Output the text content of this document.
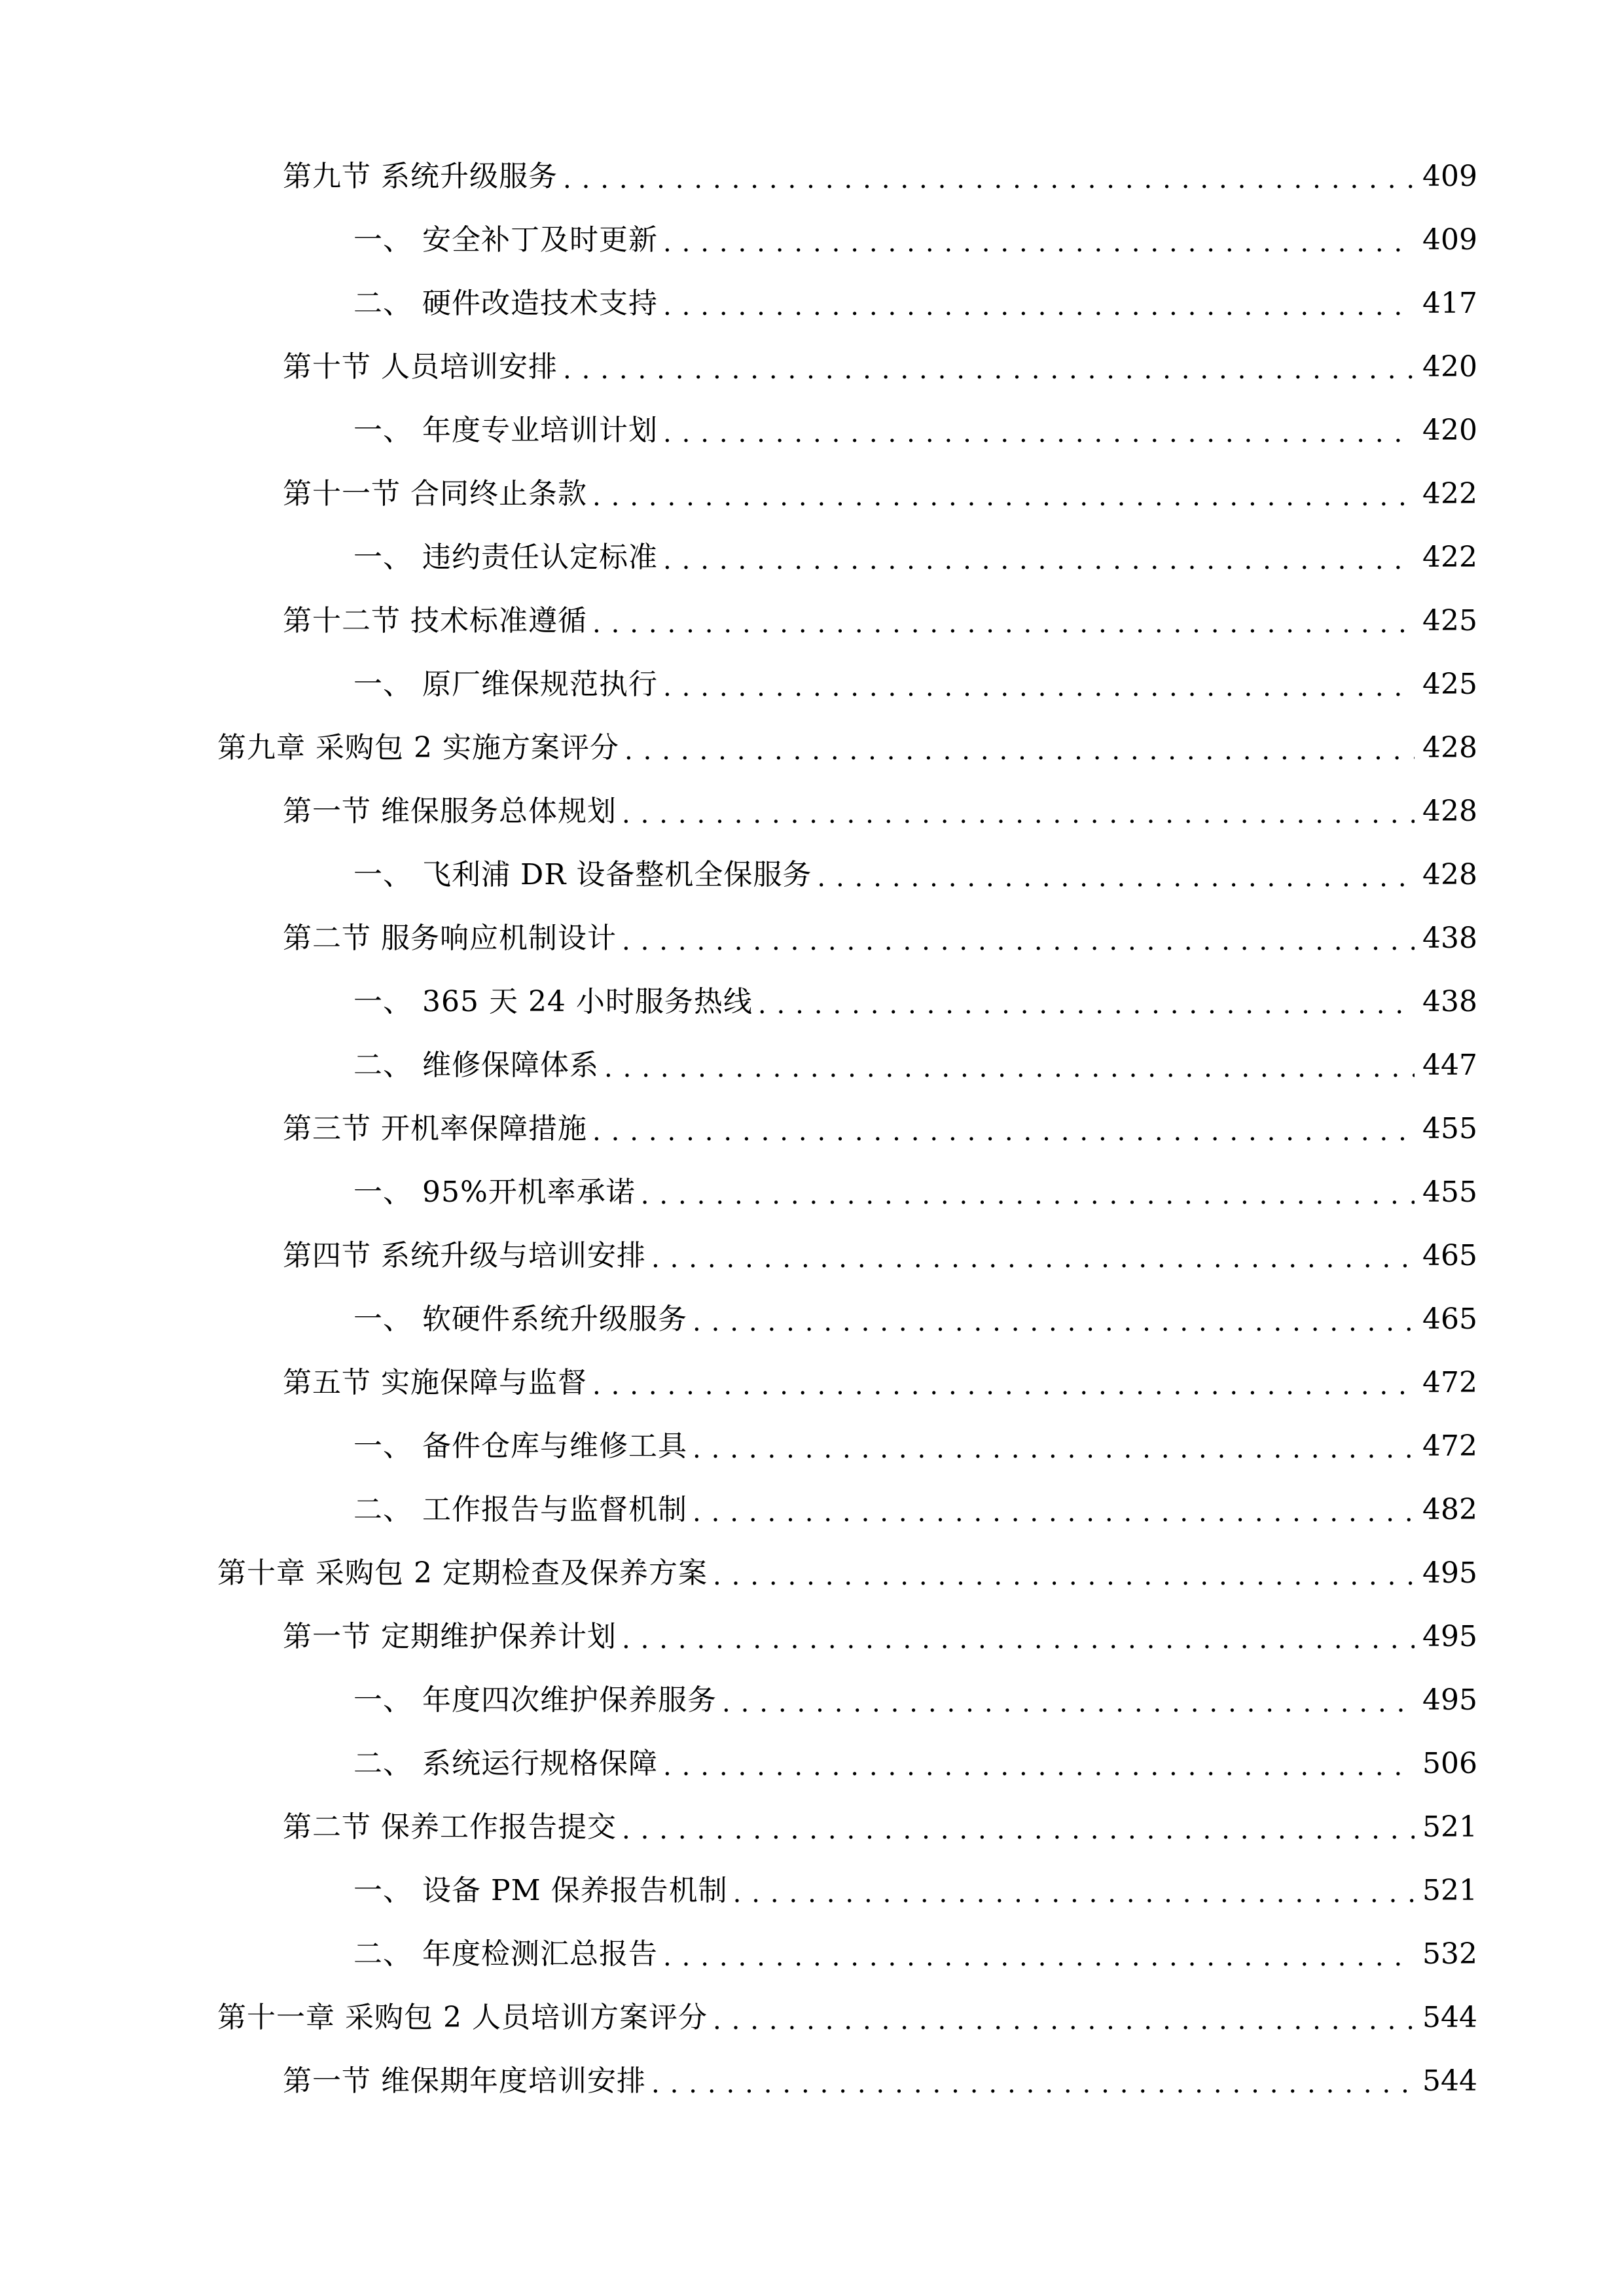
第九节 系统升级服务 . . .	409
一、 安全补丁及时更新 . . .	409
二、 硬件改造技术支持 . . .	417
第十节 人员培训安排 . . .	420
一、 年度专业培训计划 . . .	420
第十一节 合同终止条款 . . .	422
一、 违约责任认定标准 . . .	422
第十二节 技术标准遵循 . . .	425
一、 原厂维保规范执行 . . .	425
第九章 采购包 2 实施方案评分 . . .	428
第一节 维保服务总体规划 . . .	428
一、 飞利浦 DR 设备整机全保服务 . . .	428
第二节 服务响应机制设计 . . .	438
一、 365 天 24 小时服务热线 . . .	438
二、 维修保障体系 . . .	447
第三节 开机率保障措施 . . .	455
一、 95%开机率承诺 . . .	455
第四节 系统升级与培训安排 . . .	465
一、 软硬件系统升级服务 . . .	465
第五节 实施保障与监督 . . .	472
一、 备件仓库与维修工具 . . .	472
二、 工作报告与监督机制 . . .	482
第十章 采购包 2 定期检查及保养方案 . . .	495
第一节 定期维护保养计划 . . .	495
一、 年度四次维护保养服务 . . .	495
二、 系统运行规格保障 . . .	506
第二节 保养工作报告提交 . . .	521
一、 设备 PM 保养报告机制 . . .	521
二、 年度检测汇总报告 . . .	532
第十一章 采购包 2 人员培训方案评分 . . .	544
第一节 维保期年度培训安排 . . .	544
